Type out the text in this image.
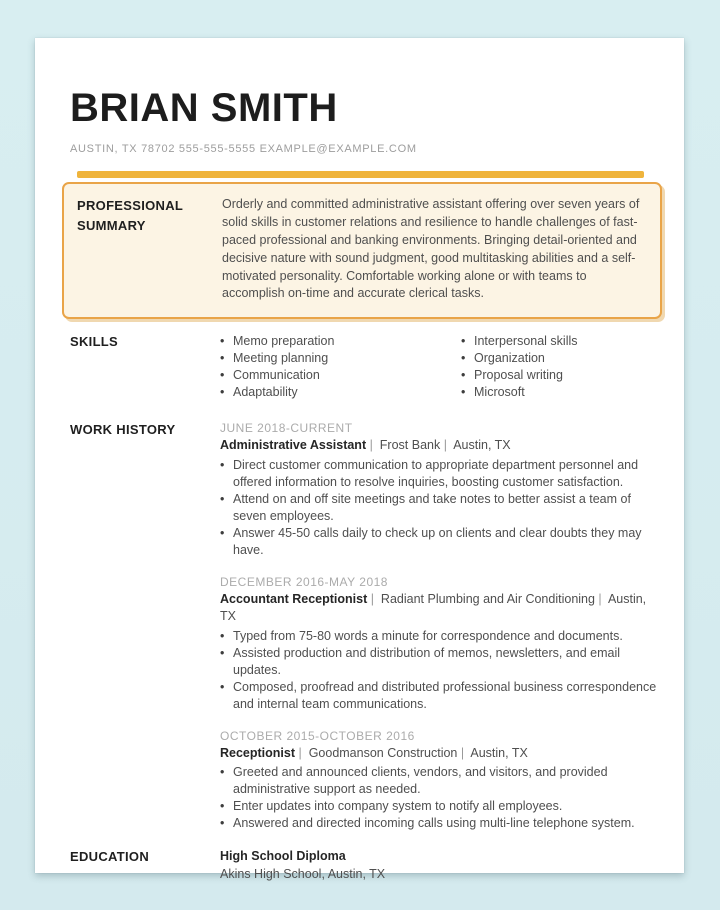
BRIAN SMITH
AUSTIN, TX 78702 555-555-5555 EXAMPLE@EXAMPLE.COM
PROFESSIONAL SUMMARY
Orderly and committed administrative assistant offering over seven years of solid skills in customer relations and resilience to handle challenges of fast-paced professional and banking environments. Bringing detail-oriented and decisive nature with sound judgment, good multitasking abilities and a self-motivated personality. Comfortable working alone or with teams to accomplish on-time and accurate clerical tasks.
SKILLS	• Memo preparation
• Meeting planning
• Communication
• Adaptability
• Interpersonal skills
• Organization
• Proposal writing
• Microsoft
WORK HISTORY	JUNE 2018-CURRENT
Administrative Assistant |  Frost Bank |  Austin, TX
• Direct customer communication to appropriate department personnel and offered information to resolve inquiries, boosting customer satisfaction.
• Attend on and off site meetings and take notes to better assist a team of seven employees.
• Answer 45-50 calls daily to check up on clients and clear doubts they may have.
DECEMBER 2016-MAY 2018
Accountant Receptionist |  Radiant Plumbing and Air Conditioning |  Austin, TX
• Typed from 75-80 words a minute for correspondence and documents.
• Assisted production and distribution of memos, newsletters, and email updates.
• Composed, proofread and distributed professional business correspondence and internal team communications.
OCTOBER 2015-OCTOBER 2016
Receptionist |  Goodmanson Construction |  Austin, TX
• Greeted and announced clients, vendors, and visitors, and provided administrative support as needed.
• Enter updates into company system to notify all employees.
• Answered and directed incoming calls using multi-line telephone system.
EDUCATION	High School Diploma
Akins High School, Austin, TX
